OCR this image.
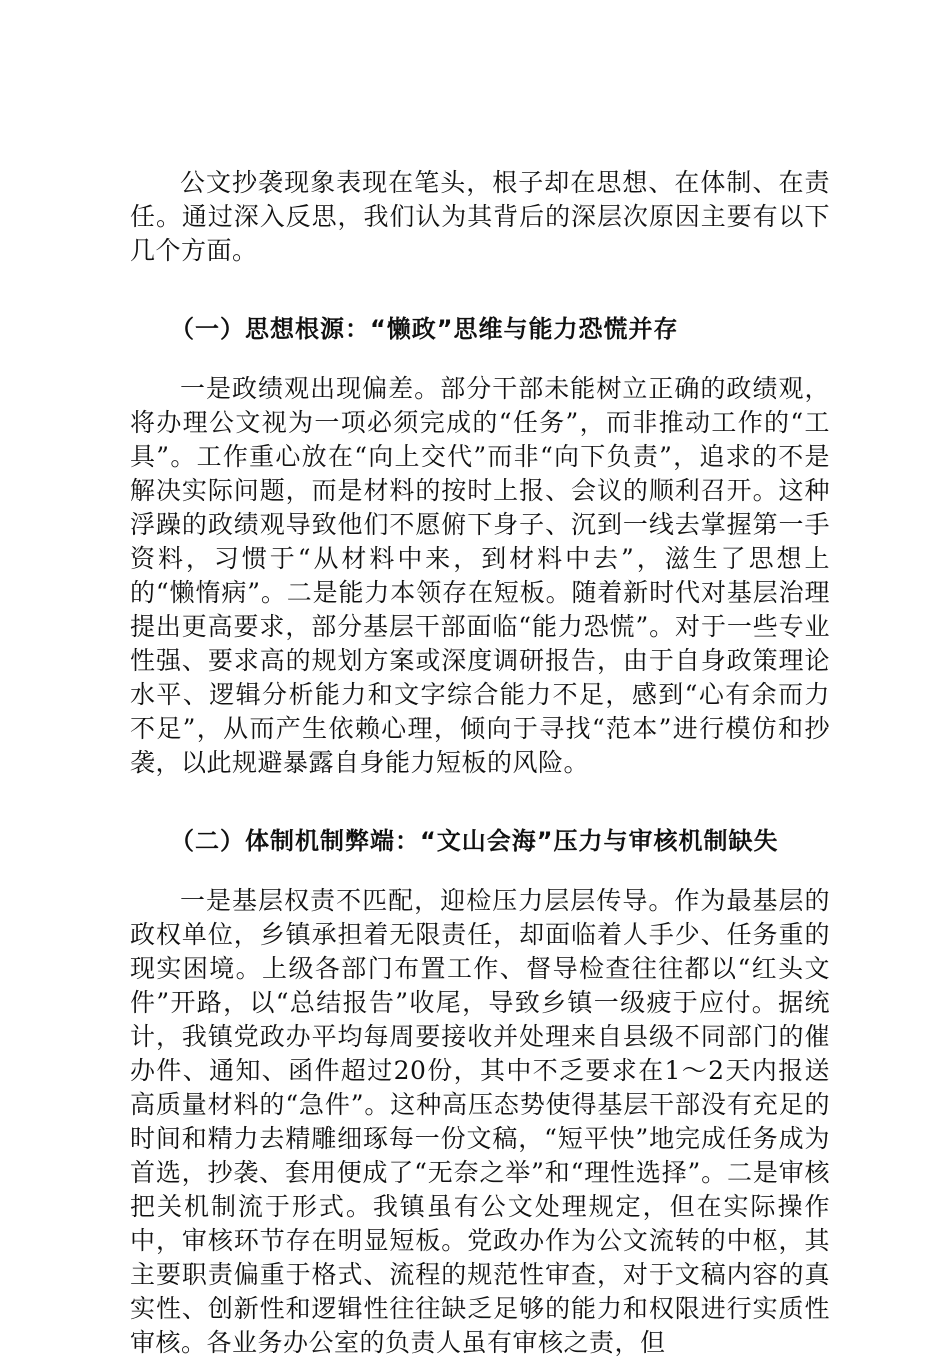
公文抄袭现象表现在笔头，根子却在思想、在体制、在责任。通过深入反思，我们认为其背后的深层次原因主要有以下几个方面。

（一）思想根源：“懒政”思维与能力恐慌并存

一是政绩观出现偏差。部分干部未能树立正确的政绩观，将办理公文视为一项必须完成的“任务”，而非推动工作的“工具”。工作重心放在“向上交代”而非“向下负责”，追求的不是解决实际问题，而是材料的按时上报、会议的顺利召开。这种浮躁的政绩观导致他们不愿俯下身子、沉到一线去掌握第一手资料，习惯于“从材料中来，到材料中去”，滋生了思想上的“懒惰病”。二是能力本领存在短板。随着新时代对基层治理提出更高要求，部分基层干部面临“能力恐慌”。对于一些专业性强、要求高的规划方案或深度调研报告，由于自身政策理论水平、逻辑分析能力和文字综合能力不足，感到“心有余而力不足”，从而产生依赖心理，倾向于寻找“范本”进行模仿和抄袭，以此规避暴露自身能力短板的风险。

（二）体制机制弊端：“文山会海”压力与审核机制缺失

一是基层权责不匹配，迎检压力层层传导。作为最基层的政权单位，乡镇承担着无限责任，却面临着人手少、任务重的现实困境。上级各部门布置工作、督导检查往往都以“红头文件”开路，以“总结报告”收尾，导致乡镇一级疲于应付。据统计，我镇党政办平均每周要接收并处理来自县级不同部门的催办件、通知、函件超过20份，其中不乏要求在1～2天内报送高质量材料的“急件”。这种高压态势使得基层干部没有充足的时间和精力去精雕细琢每一份文稿，“短平快”地完成任务成为首选，抄袭、套用便成了“无奈之举”和“理性选择”。二是审核把关机制流于形式。我镇虽有公文处理规定，但在实际操作中，审核环节存在明显短板。党政办作为公文流转的中枢，其主要职责偏重于格式、流程的规范性审查，对于文稿内容的真实性、创新性和逻辑性往往缺乏足够的能力和权限进行实质性审核。各业务办公室的负责人虽有审核之责，但
